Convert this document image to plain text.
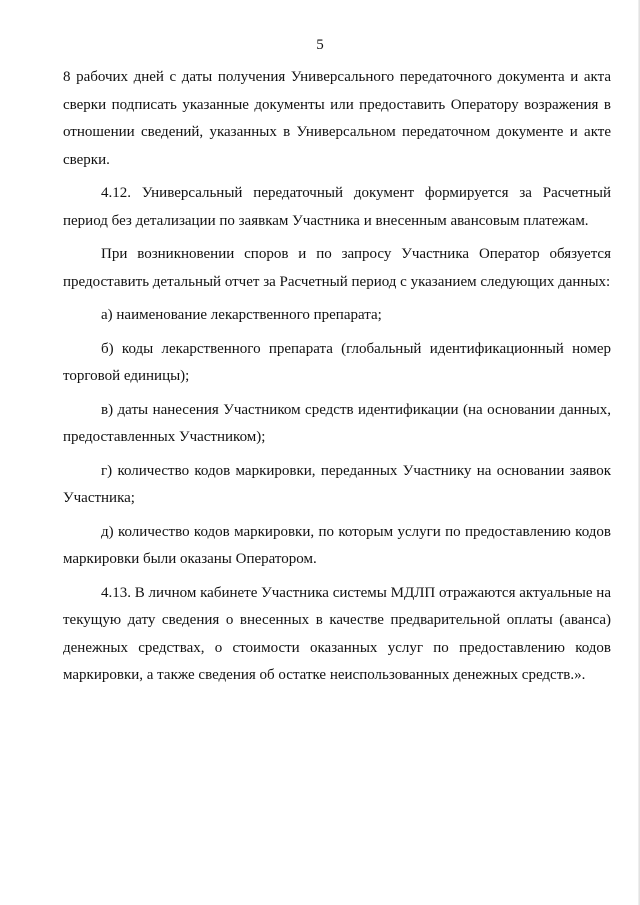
5

8 рабочих дней с даты получения Универсального передаточного документа и акта сверки подписать указанные документы или предоставить Оператору возражения в отношении сведений, указанных в Универсальном передаточном документе и акте сверки.

4.12. Универсальный передаточный документ формируется за Расчетный период без детализации по заявкам Участника и внесенным авансовым платежам.

При возникновении споров и по запросу Участника Оператор обязуется предоставить детальный отчет за Расчетный период с указанием следующих данных:

а) наименование лекарственного препарата;

б) коды лекарственного препарата (глобальный идентификационный номер торговой единицы);

в) даты нанесения Участником средств идентификации (на основании данных, предоставленных Участником);

г) количество кодов маркировки, переданных Участнику на основании заявок Участника;

д) количество кодов маркировки, по которым услуги по предоставлению кодов маркировки были оказаны Оператором.

4.13. В личном кабинете Участника системы МДЛП отражаются актуальные на текущую дату сведения о внесенных в качестве предварительной оплаты (аванса) денежных средствах, о стоимости оказанных услуг по предоставлению кодов маркировки, а также сведения об остатке неиспользованных денежных средств.».
